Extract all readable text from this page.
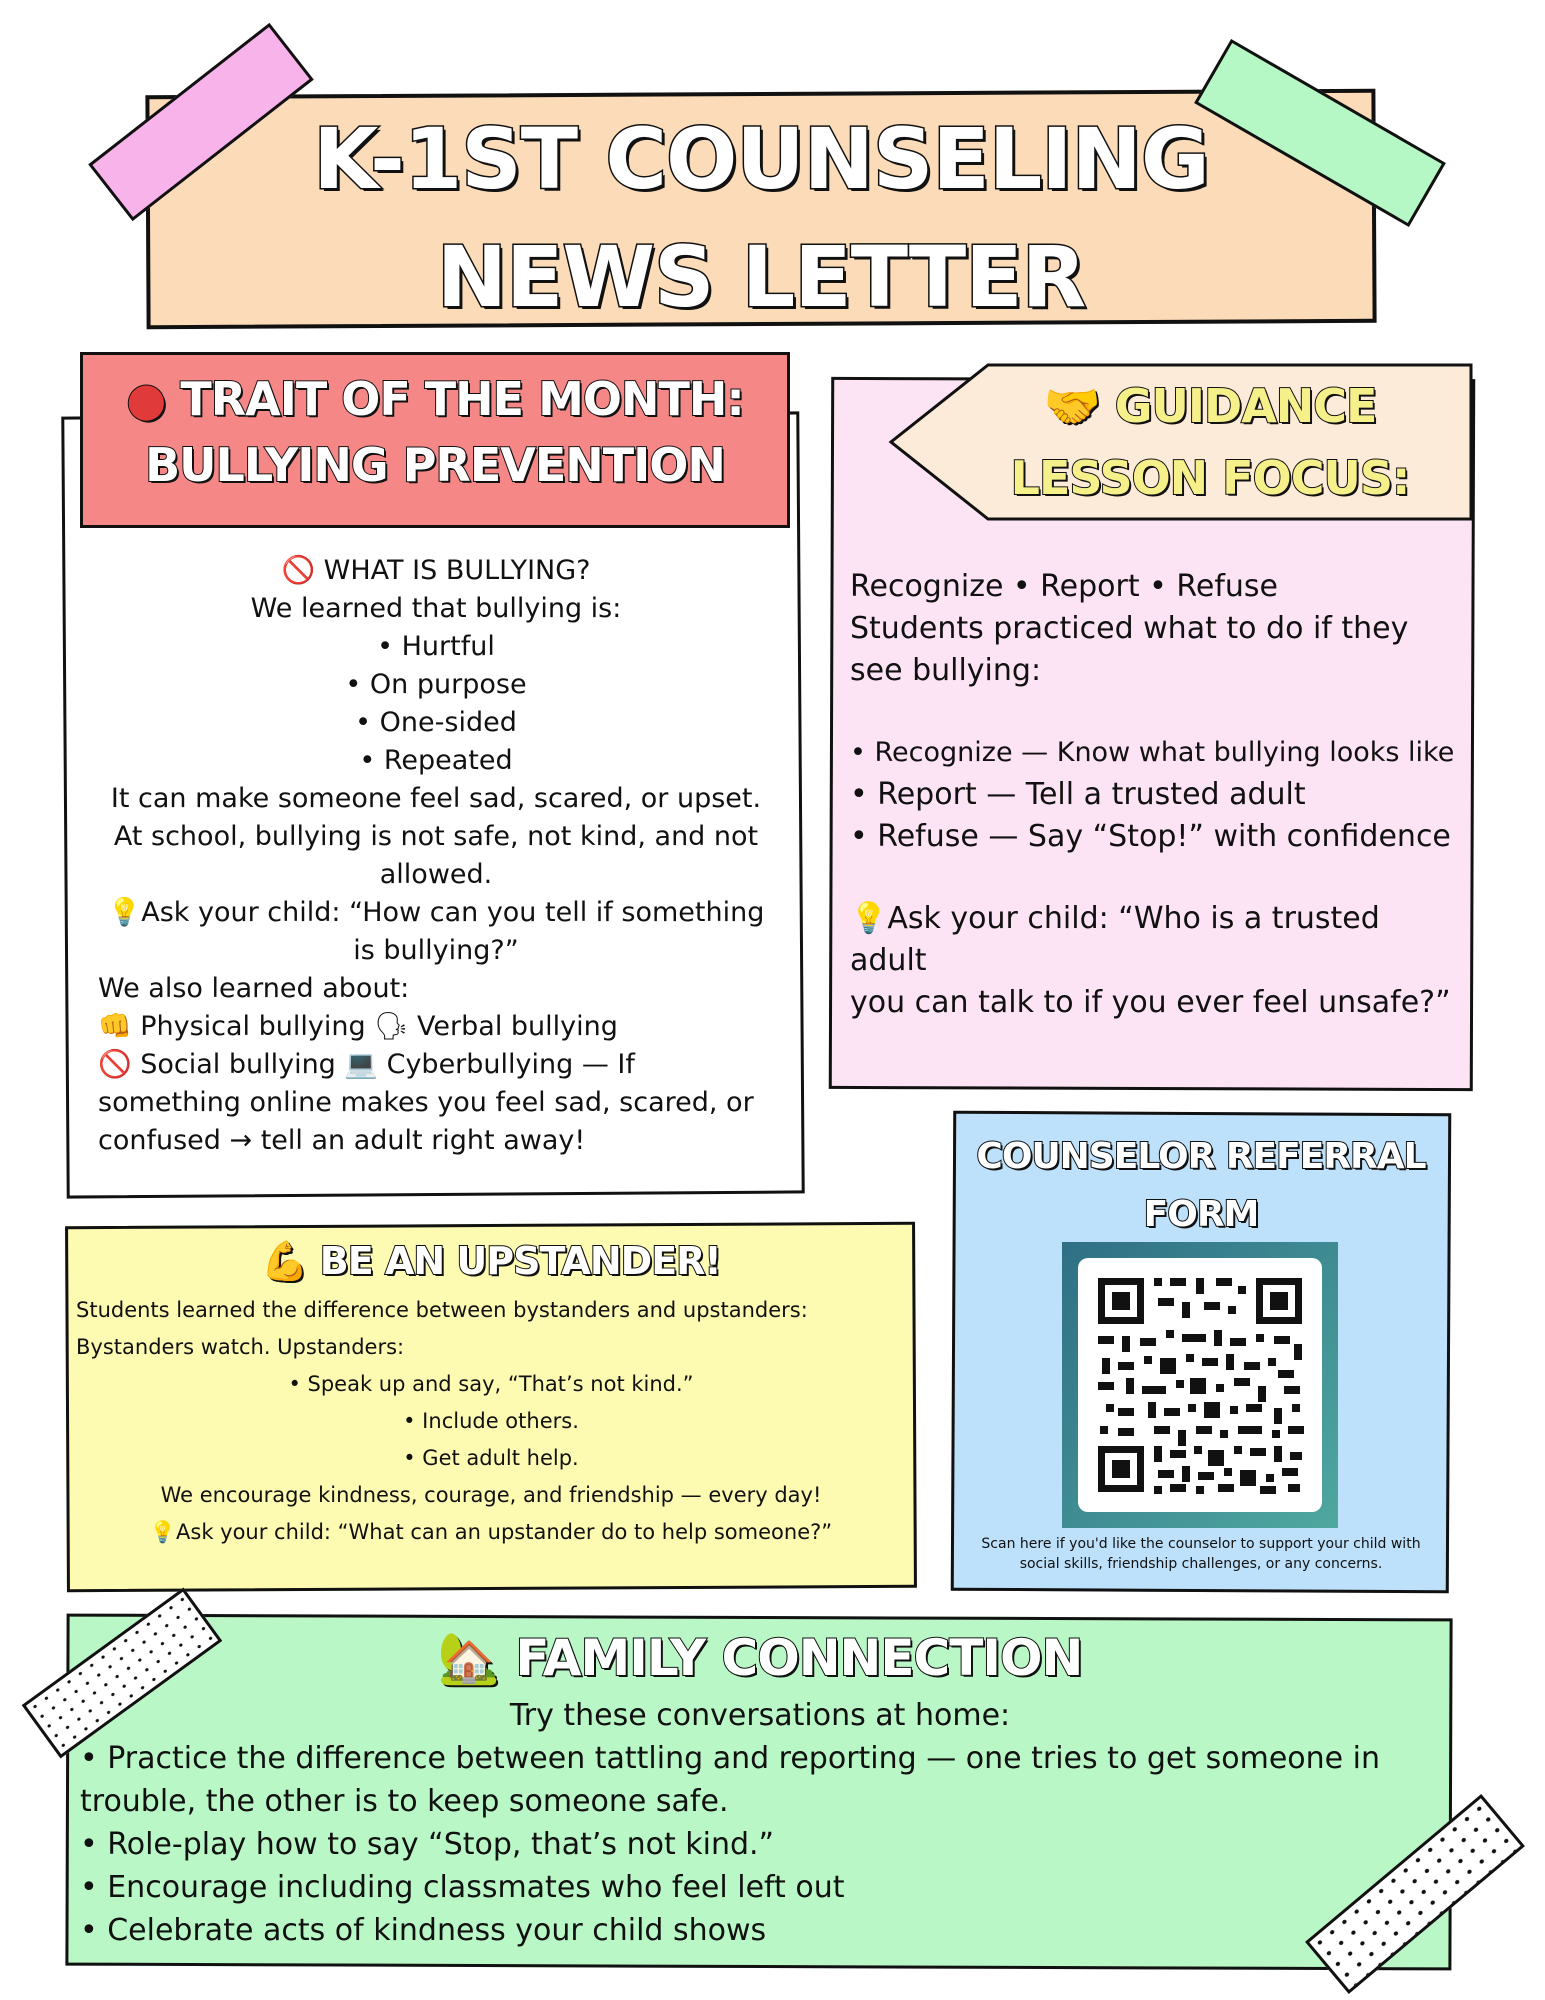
K-1ST COUNSELING
NEWS LETTER
● TRAIT OF THE MONTH:
BULLYING PREVENTION

🚫 WHAT IS BULLYING?

We learned that bullying is:

• Hurtful

• On purpose

• One-sided

• Repeated

It can make someone feel sad, scared, or upset.

At school, bullying is not safe, not kind, and not

allowed.

💡Ask your child: “How can you tell if something

is bullying?”

We also learned about:

👊 Physical bullying 🗣 Verbal bullying

🚫 Social bullying 💻 Cyberbullying — If

something online makes you feel sad, scared, or

confused → tell an adult right away!

🤝 GUIDANCE
LESSON FOCUS:

Recognize • Report • Refuse

Students practiced what to do if they

see bullying:

• Recognize — Know what bullying looks like

• Report — Tell a trusted adult

• Refuse — Say “Stop!” with confidence

💡Ask your child: “Who is a trusted adult

you can talk to if you ever feel unsafe?”

COUNSELOR REFERRAL
FORM
Scan here if you'd like the counselor to support your child with
social skills, friendship challenges, or any concerns.
💪 BE AN UPSTANDER!

Students learned the difference between bystanders and upstanders:

Bystanders watch. Upstanders:

• Speak up and say, “That’s not kind.”

• Include others.

• Get adult help.

We encourage kindness, courage, and friendship — every day!

💡Ask your child: “What can an upstander do to help someone?”

🏡 FAMILY CONNECTION

Try these conversations at home:

• Practice the difference between tattling and reporting — one tries to get someone in

trouble, the other is to keep someone safe.

• Role-play how to say “Stop, that’s not kind.”

• Encourage including classmates who feel left out

• Celebrate acts of kindness your child shows
